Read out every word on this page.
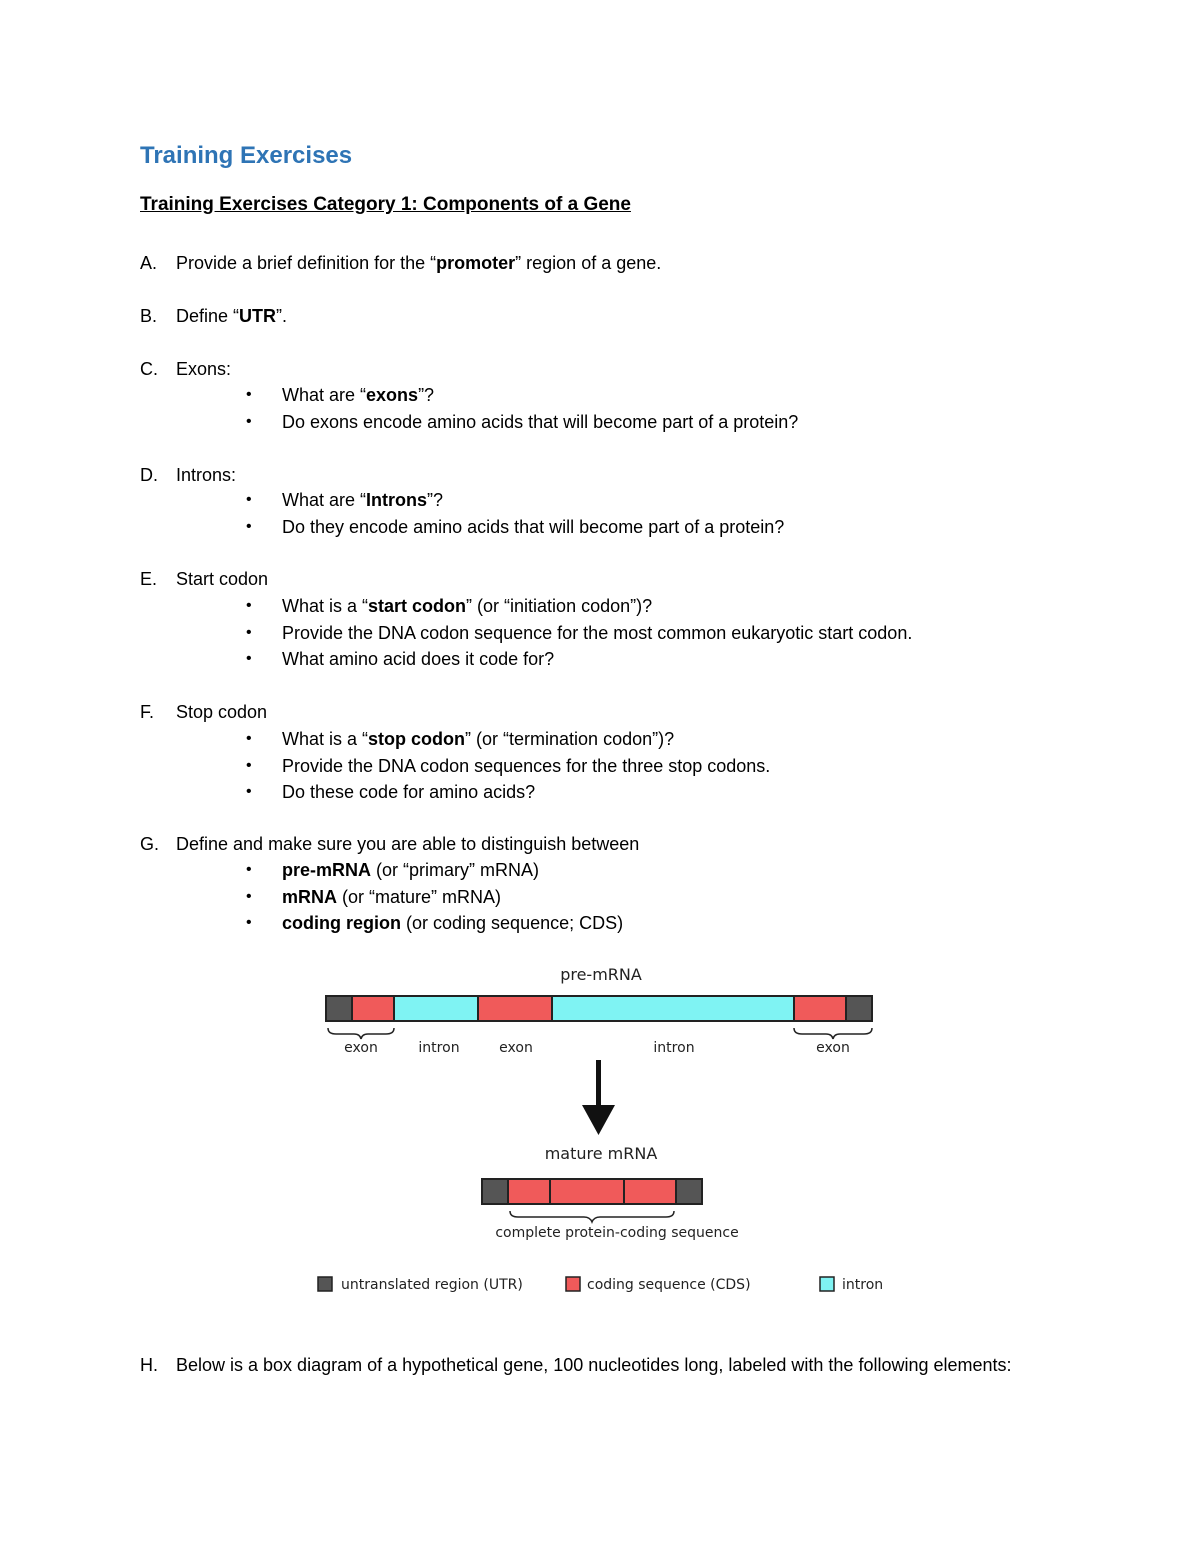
Training Exercises
Training Exercises Category 1: Components of a Gene
A. Provide a brief definition for the “promoter” region of a gene.
B. Define “UTR”.
C. Exons:
• What are “exons”?
• Do exons encode amino acids that will become part of a protein?
D. Introns:
• What are “Introns”?
• Do they encode amino acids that will become part of a protein?
E. Start codon
• What is a “start codon” (or “initiation codon”)?
• Provide the DNA codon sequence for the most common eukaryotic start codon.
• What amino acid does it code for?
F. Stop codon
• What is a “stop codon” (or “termination codon”)?
• Provide the DNA codon sequences for the three stop codons.
• Do these code for amino acids?
G. Define and make sure you are able to distinguish between
• pre-mRNA (or “primary” mRNA)
• mRNA (or “mature” mRNA)
• coding region (or coding sequence; CDS)
pre-mRNA
exon	intron	exon	intron	exon
mature mRNA
complete protein-coding sequence
untranslated region (UTR)	coding sequence (CDS)	intron
H. Below is a box diagram of a hypothetical gene, 100 nucleotides long, labeled with the following elements:
